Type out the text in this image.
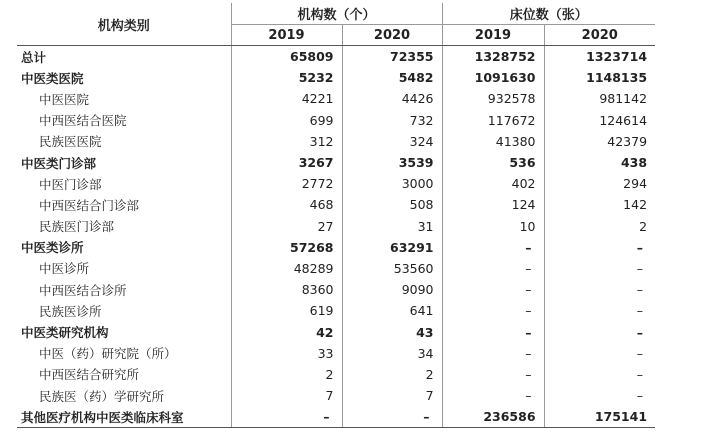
机构类别	机构数（个）		床位数（张）	
	2019	2020	2019	2020
总计	65809	72355	1328752	1323714
中医类医院	5232	5482	1091630	1148135
中医医院	4221	4426	932578	981142
中西医结合医院	699	732	117672	124614
民族医医院	312	324	41380	42379
中医类门诊部	3267	3539	536	438
中医门诊部	2772	3000	402	294
中西医结合门诊部	468	508	124	142
民族医门诊部	27	31	10	2
中医类诊所	57268	63291	–	–
中医诊所	48289	53560	–	–
中西医结合诊所	8360	9090	–	–
民族医诊所	619	641	–	–
中医类研究机构	42	43	–	–
中医（药）研究院（所）	33	34	–	–
中西医结合研究所	2	2	–	–
民族医（药）学研究所	7	7	–	–
其他医疗机构中医类临床科室	–	–	236586	175141
